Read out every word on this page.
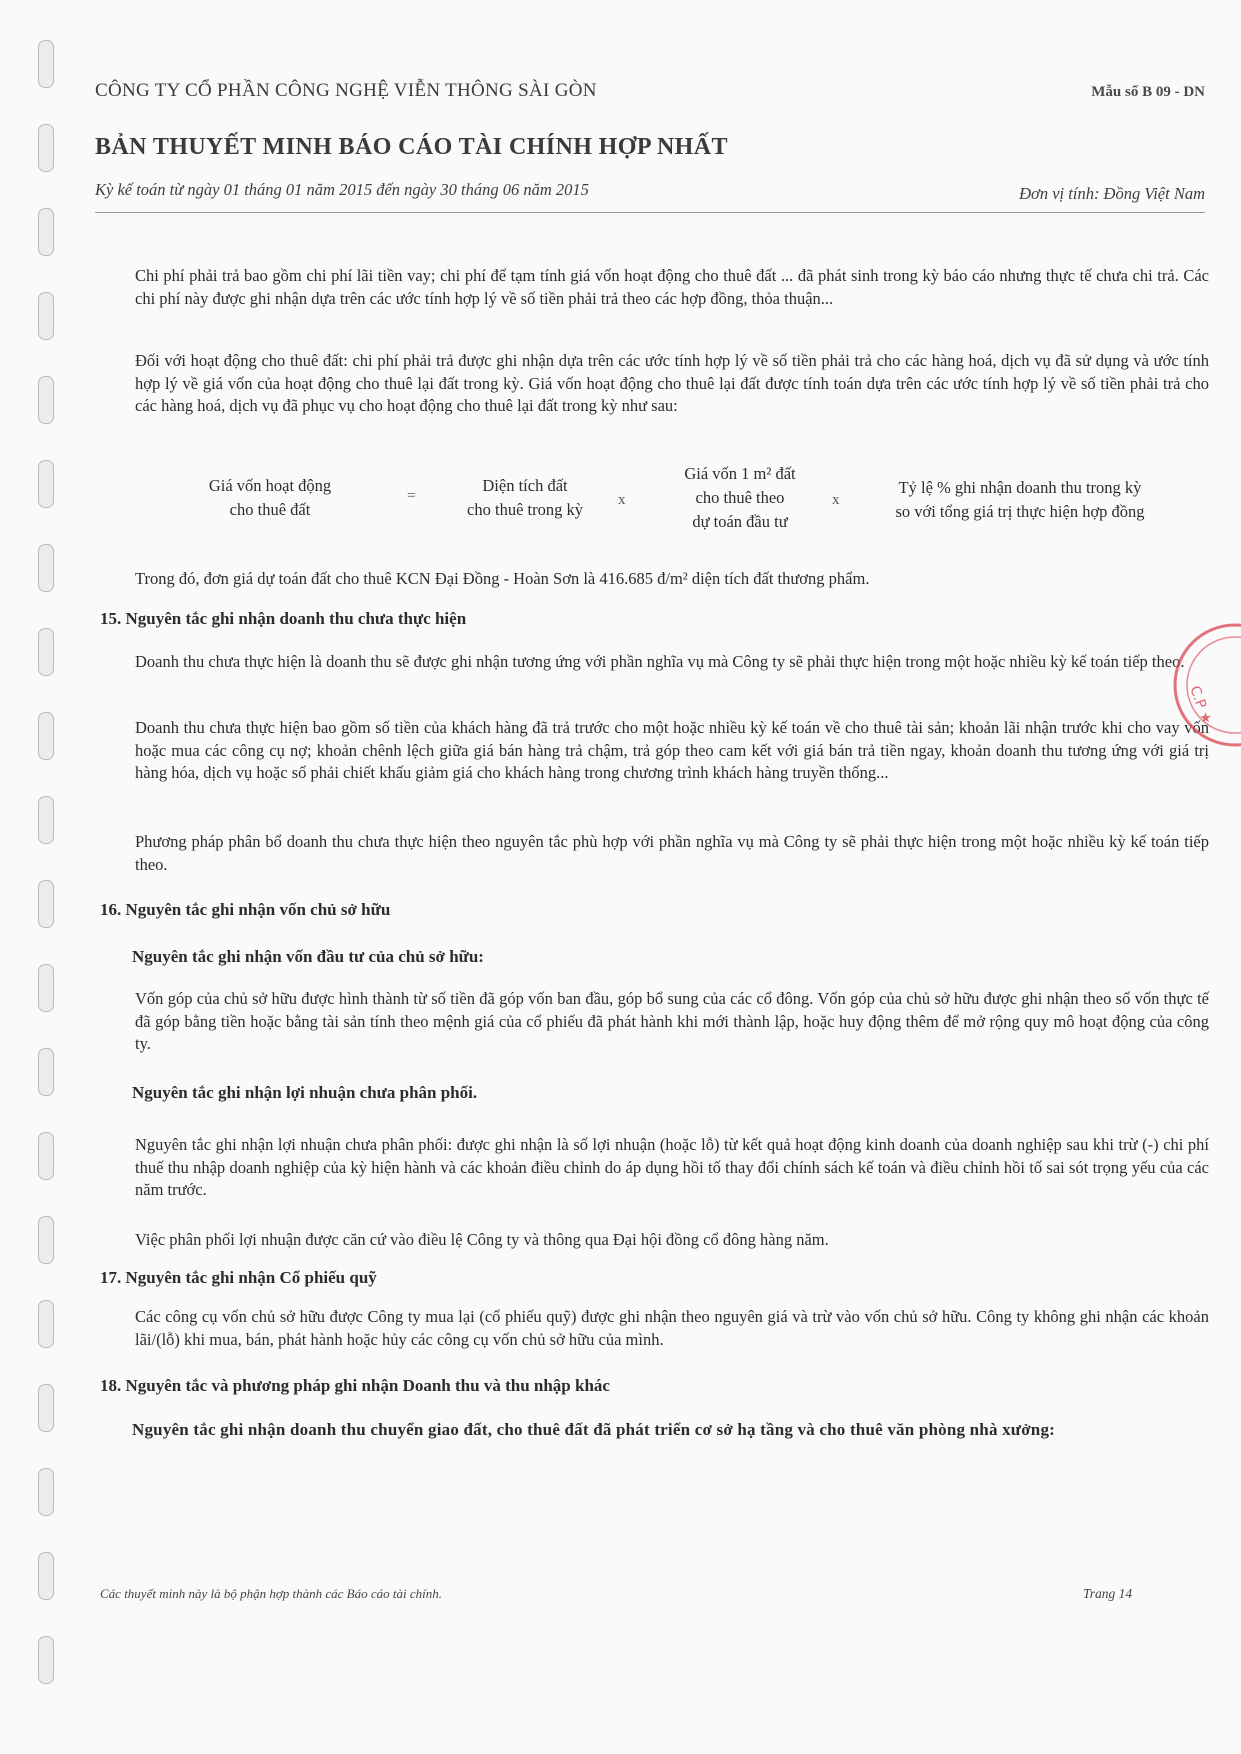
CÔNG TY CỔ PHẦN CÔNG NGHỆ VIỄN THÔNG SÀI GÒN	Mẫu số B 09 - DN
BẢN THUYẾT MINH BÁO CÁO TÀI CHÍNH HỢP NHẤT
Kỳ kế toán từ ngày 01 tháng 01 năm 2015 đến ngày 30 tháng 06 năm 2015	Đơn vị tính: Đồng Việt Nam
Chi phí phải trả bao gồm chi phí lãi tiền vay; chi phí để tạm tính giá vốn hoạt động cho thuê đất ... đã phát sinh trong kỳ báo cáo nhưng thực tế chưa chi trả. Các chi phí này được ghi nhận dựa trên các ước tính hợp lý về số tiền phải trả theo các hợp đồng, thỏa thuận...
Đối với hoạt động cho thuê đất: chi phí phải trả được ghi nhận dựa trên các ước tính hợp lý về số tiền phải trả cho các hàng hoá, dịch vụ đã sử dụng và ước tính hợp lý về giá vốn của hoạt động cho thuê lại đất trong kỳ. Giá vốn hoạt động cho thuê lại đất được tính toán dựa trên các ước tính hợp lý về số tiền phải trả cho các hàng hoá, dịch vụ đã phục vụ cho hoạt động cho thuê lại đất trong kỳ như sau:
Giá vốn hoạt động
cho thuê đất
=
Diện tích đất
cho thuê trong kỳ	x
Giá vốn 1 m² đất
cho thuê theo
dự toán đầu tư
x
Tỷ lệ % ghi nhận doanh thu trong kỳ
so với tổng giá trị thực hiện hợp đồng
Trong đó, đơn giá dự toán đất cho thuê KCN Đại Đồng - Hoàn Sơn là 416.685 đ/m² diện tích đất thương phẩm.
15. Nguyên tắc ghi nhận doanh thu chưa thực hiện
Doanh thu chưa thực hiện là doanh thu sẽ được ghi nhận tương ứng với phần nghĩa vụ mà Công ty sẽ phải thực hiện trong một hoặc nhiều kỳ kế toán tiếp theo.
Doanh thu chưa thực hiện bao gồm số tiền của khách hàng đã trả trước cho một hoặc nhiều kỳ kế toán về cho thuê tài sản; khoản lãi nhận trước khi cho vay vốn hoặc mua các công cụ nợ; khoản chênh lệch giữa giá bán hàng trả chậm, trả góp theo cam kết với giá bán trả tiền ngay, khoản doanh thu tương ứng với giá trị hàng hóa, dịch vụ hoặc số phải chiết khấu giảm giá cho khách hàng trong chương trình khách hàng truyền thống...
Phương pháp phân bổ doanh thu chưa thực hiện theo nguyên tắc phù hợp với phần nghĩa vụ mà Công ty sẽ phải thực hiện trong một hoặc nhiều kỳ kế toán tiếp theo.
16. Nguyên tắc ghi nhận vốn chủ sở hữu
Nguyên tắc ghi nhận vốn đầu tư của chủ sở hữu:
Vốn góp của chủ sở hữu được hình thành từ số tiền đã góp vốn ban đầu, góp bổ sung của các cổ đông. Vốn góp của chủ sở hữu được ghi nhận theo số vốn thực tế đã góp bằng tiền hoặc bằng tài sản tính theo mệnh giá của cổ phiếu đã phát hành khi mới thành lập, hoặc huy động thêm để mở rộng quy mô hoạt động của công ty.
Nguyên tắc ghi nhận lợi nhuận chưa phân phối.
Nguyên tắc ghi nhận lợi nhuận chưa phân phối: được ghi nhận là số lợi nhuận (hoặc lỗ) từ kết quả hoạt động kinh doanh của doanh nghiệp sau khi trừ (-) chi phí thuế thu nhập doanh nghiệp của kỳ hiện hành và các khoản điều chỉnh do áp dụng hồi tố thay đổi chính sách kế toán và điều chỉnh hồi tố sai sót trọng yếu của các năm trước.
Việc phân phối lợi nhuận được căn cứ vào điều lệ Công ty và thông qua Đại hội đồng cổ đông hàng năm.
17. Nguyên tắc ghi nhận Cổ phiếu quỹ
Các công cụ vốn chủ sở hữu được Công ty mua lại (cổ phiếu quỹ) được ghi nhận theo nguyên giá và trừ vào vốn chủ sở hữu. Công ty không ghi nhận các khoản lãi/(lỗ) khi mua, bán, phát hành hoặc hủy các công cụ vốn chủ sở hữu của mình.
18. Nguyên tắc và phương pháp ghi nhận Doanh thu và thu nhập khác
Nguyên tắc ghi nhận doanh thu chuyển giao đất, cho thuê đất đã phát triển cơ sở hạ tầng và cho thuê văn phòng nhà xưởng:
C.P ★
Các thuyết minh này là bộ phận hợp thành các Báo cáo tài chính.	Trang 14
